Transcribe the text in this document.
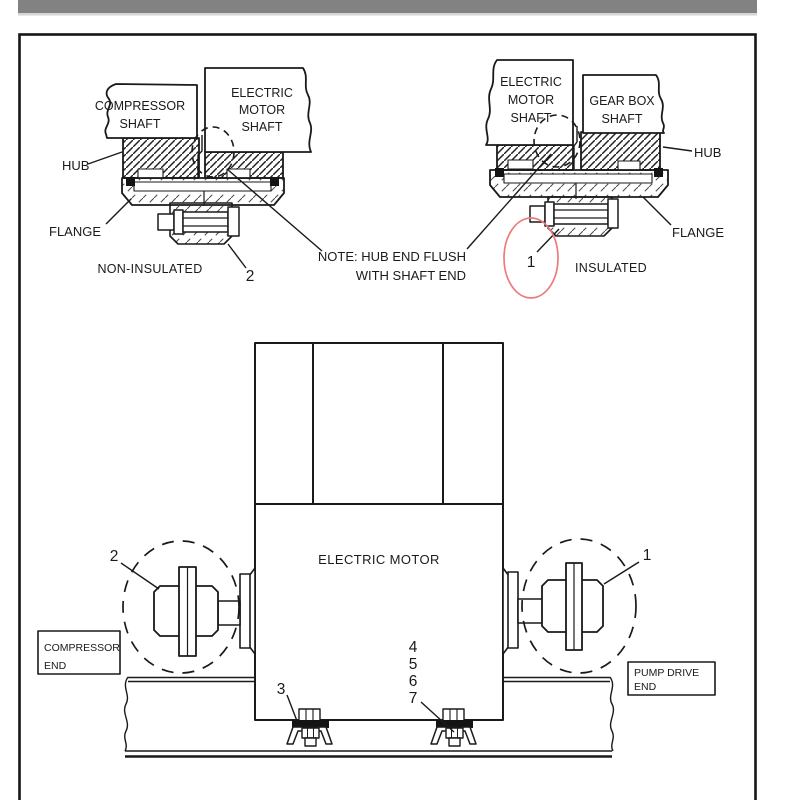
COMPRESSOR
SHAFT
ELECTRIC
MOTOR
SHAFT
HUB
FLANGE
NON-INSULATED	2
ELECTRIC
MOTOR
SHAFT
GEAR BOX
SHAFT
HUB
FLANGE
INSULATED
1
NOTE: HUB END FLUSH
WITH SHAFT END
COMPRESSOR
END
PUMP DRIVE
END
ELECTRIC MOTOR
2	1
3
4
5
6
7
